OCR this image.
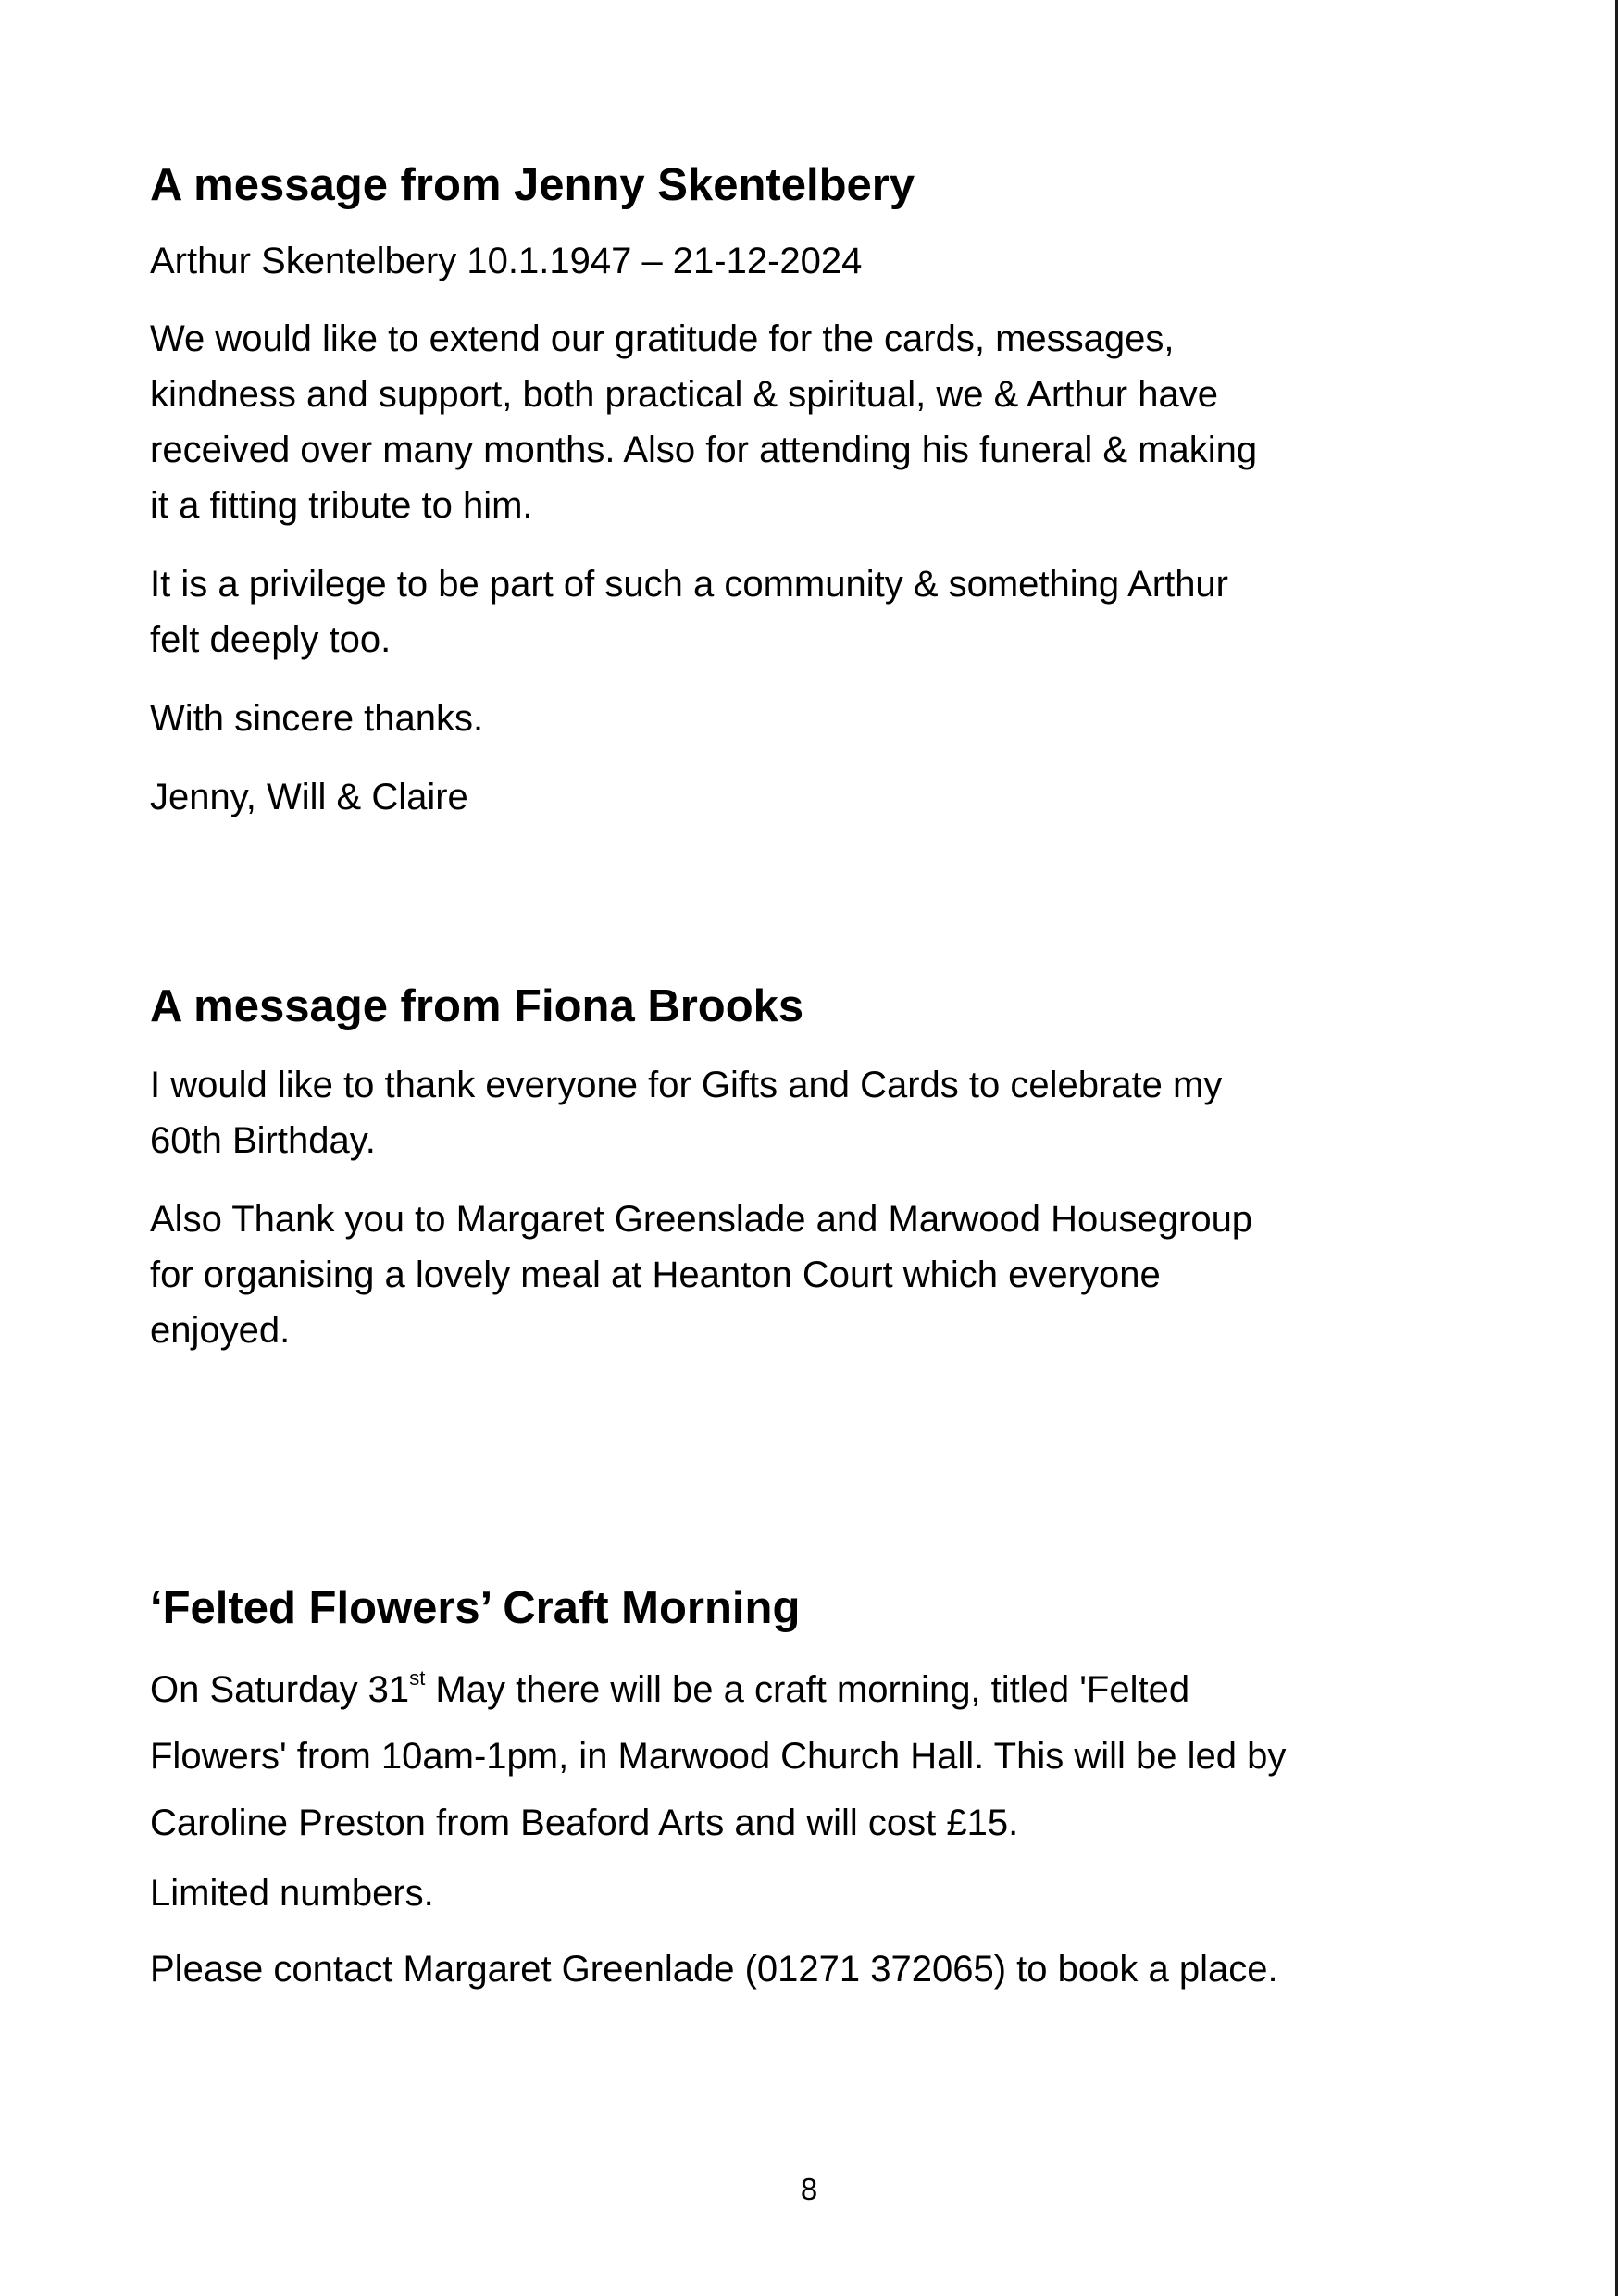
A message from Jenny Skentelbery

Arthur Skentelbery 10.1.1947 – 21-12-2024

We would like to extend our gratitude for the cards, messages,

kindness and support, both practical & spiritual, we & Arthur have

received over many months. Also for attending his funeral & making

it a fitting tribute to him.

It is a privilege to be part of such a community & something Arthur

felt deeply too.

With sincere thanks.

Jenny, Will & Claire

A message from Fiona Brooks

I would like to thank everyone for Gifts and Cards to celebrate my

60th Birthday.

Also Thank you to Margaret Greenslade and Marwood Housegroup

for organising a lovely meal at Heanton Court which everyone

enjoyed.

‘Felted Flowers’ Craft Morning

On Saturday 31st May there will be a craft morning, titled 'Felted

Flowers' from 10am-1pm, in Marwood Church Hall. This will be led by

Caroline Preston from Beaford Arts and will cost £15.

Limited numbers.

Please contact Margaret Greenlade (01271 372065) to book a place.

8
